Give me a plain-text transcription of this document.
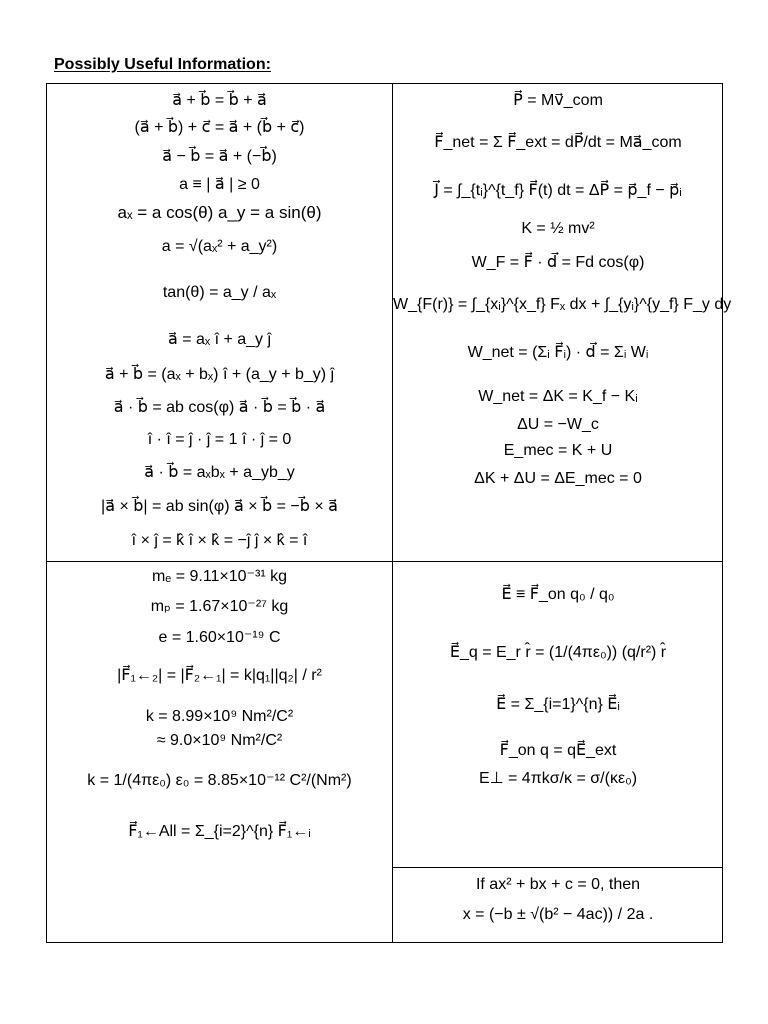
Possibly Useful Information:
a⃗ + b⃗ = b⃗ + a⃗
(a⃗ + b⃗) + c⃗ = a⃗ + (b⃗ + c⃗)
a⃗ − b⃗ = a⃗ + (−b⃗)
a ≡ | a⃗ | ≥ 0
aₓ = a cos(θ) a_y = a sin(θ)
a = √(aₓ² + a_y²)
tan(θ) = a_y / aₓ
a⃗ = aₓ î + a_y ĵ
a⃗ + b⃗ = (aₓ + bₓ) î + (a_y + b_y) ĵ
a⃗ · b⃗ = ab cos(φ) a⃗ · b⃗ = b⃗ · a⃗
î · î = ĵ · ĵ = 1 î · ĵ = 0
a⃗ · b⃗ = aₓbₓ + a_yb_y
|a⃗ × b⃗| = ab sin(φ) a⃗ × b⃗ = −b⃗ × a⃗
î × ĵ = k̂ î × k̂ = −ĵ ĵ × k̂ = î
P⃗ = Mv⃗_com
F⃗_net = Σ F⃗_ext = dP⃗/dt = Ma⃗_com
J⃗ = ∫_{tᵢ}^{t_f} F⃗(t) dt = ΔP⃗ = p⃗_f − p⃗ᵢ
K = ½ mv²
W_F = F⃗ · d⃗ = Fd cos(φ)
W_{F(r)} = ∫_{xᵢ}^{x_f} Fₓ dx + ∫_{yᵢ}^{y_f} F_y dy
W_net = (Σᵢ F⃗ᵢ) · d⃗ = Σᵢ Wᵢ
W_net = ΔK = K_f − Kᵢ
ΔU = −W_c
E_mec = K + U
ΔK + ΔU = ΔE_mec = 0
mₑ = 9.11×10⁻³¹ kg
mₚ = 1.67×10⁻²⁷ kg
e = 1.60×10⁻¹⁹ C
|F⃗₁←₂| = |F⃗₂←₁| = k|q₁||q₂| / r²
k = 8.99×10⁹ Nm²/C²
≈ 9.0×10⁹ Nm²/C²
k = 1/(4πε₀) ε₀ = 8.85×10⁻¹² C²/(Nm²)
F⃗₁←All = Σ_{i=2}^{n} F⃗₁←ᵢ
E⃗ ≡ F⃗_on q₀ / q₀
E⃗_q = E_r r̂ = (1/(4πε₀)) (q/r²) r̂
E⃗ = Σ_{i=1}^{n} E⃗ᵢ
F⃗_on q = qE⃗_ext
E⊥ = 4πkσ/κ = σ/(κε₀)
If ax² + bx + c = 0, then
x = (−b ± √(b² − 4ac)) / 2a .
